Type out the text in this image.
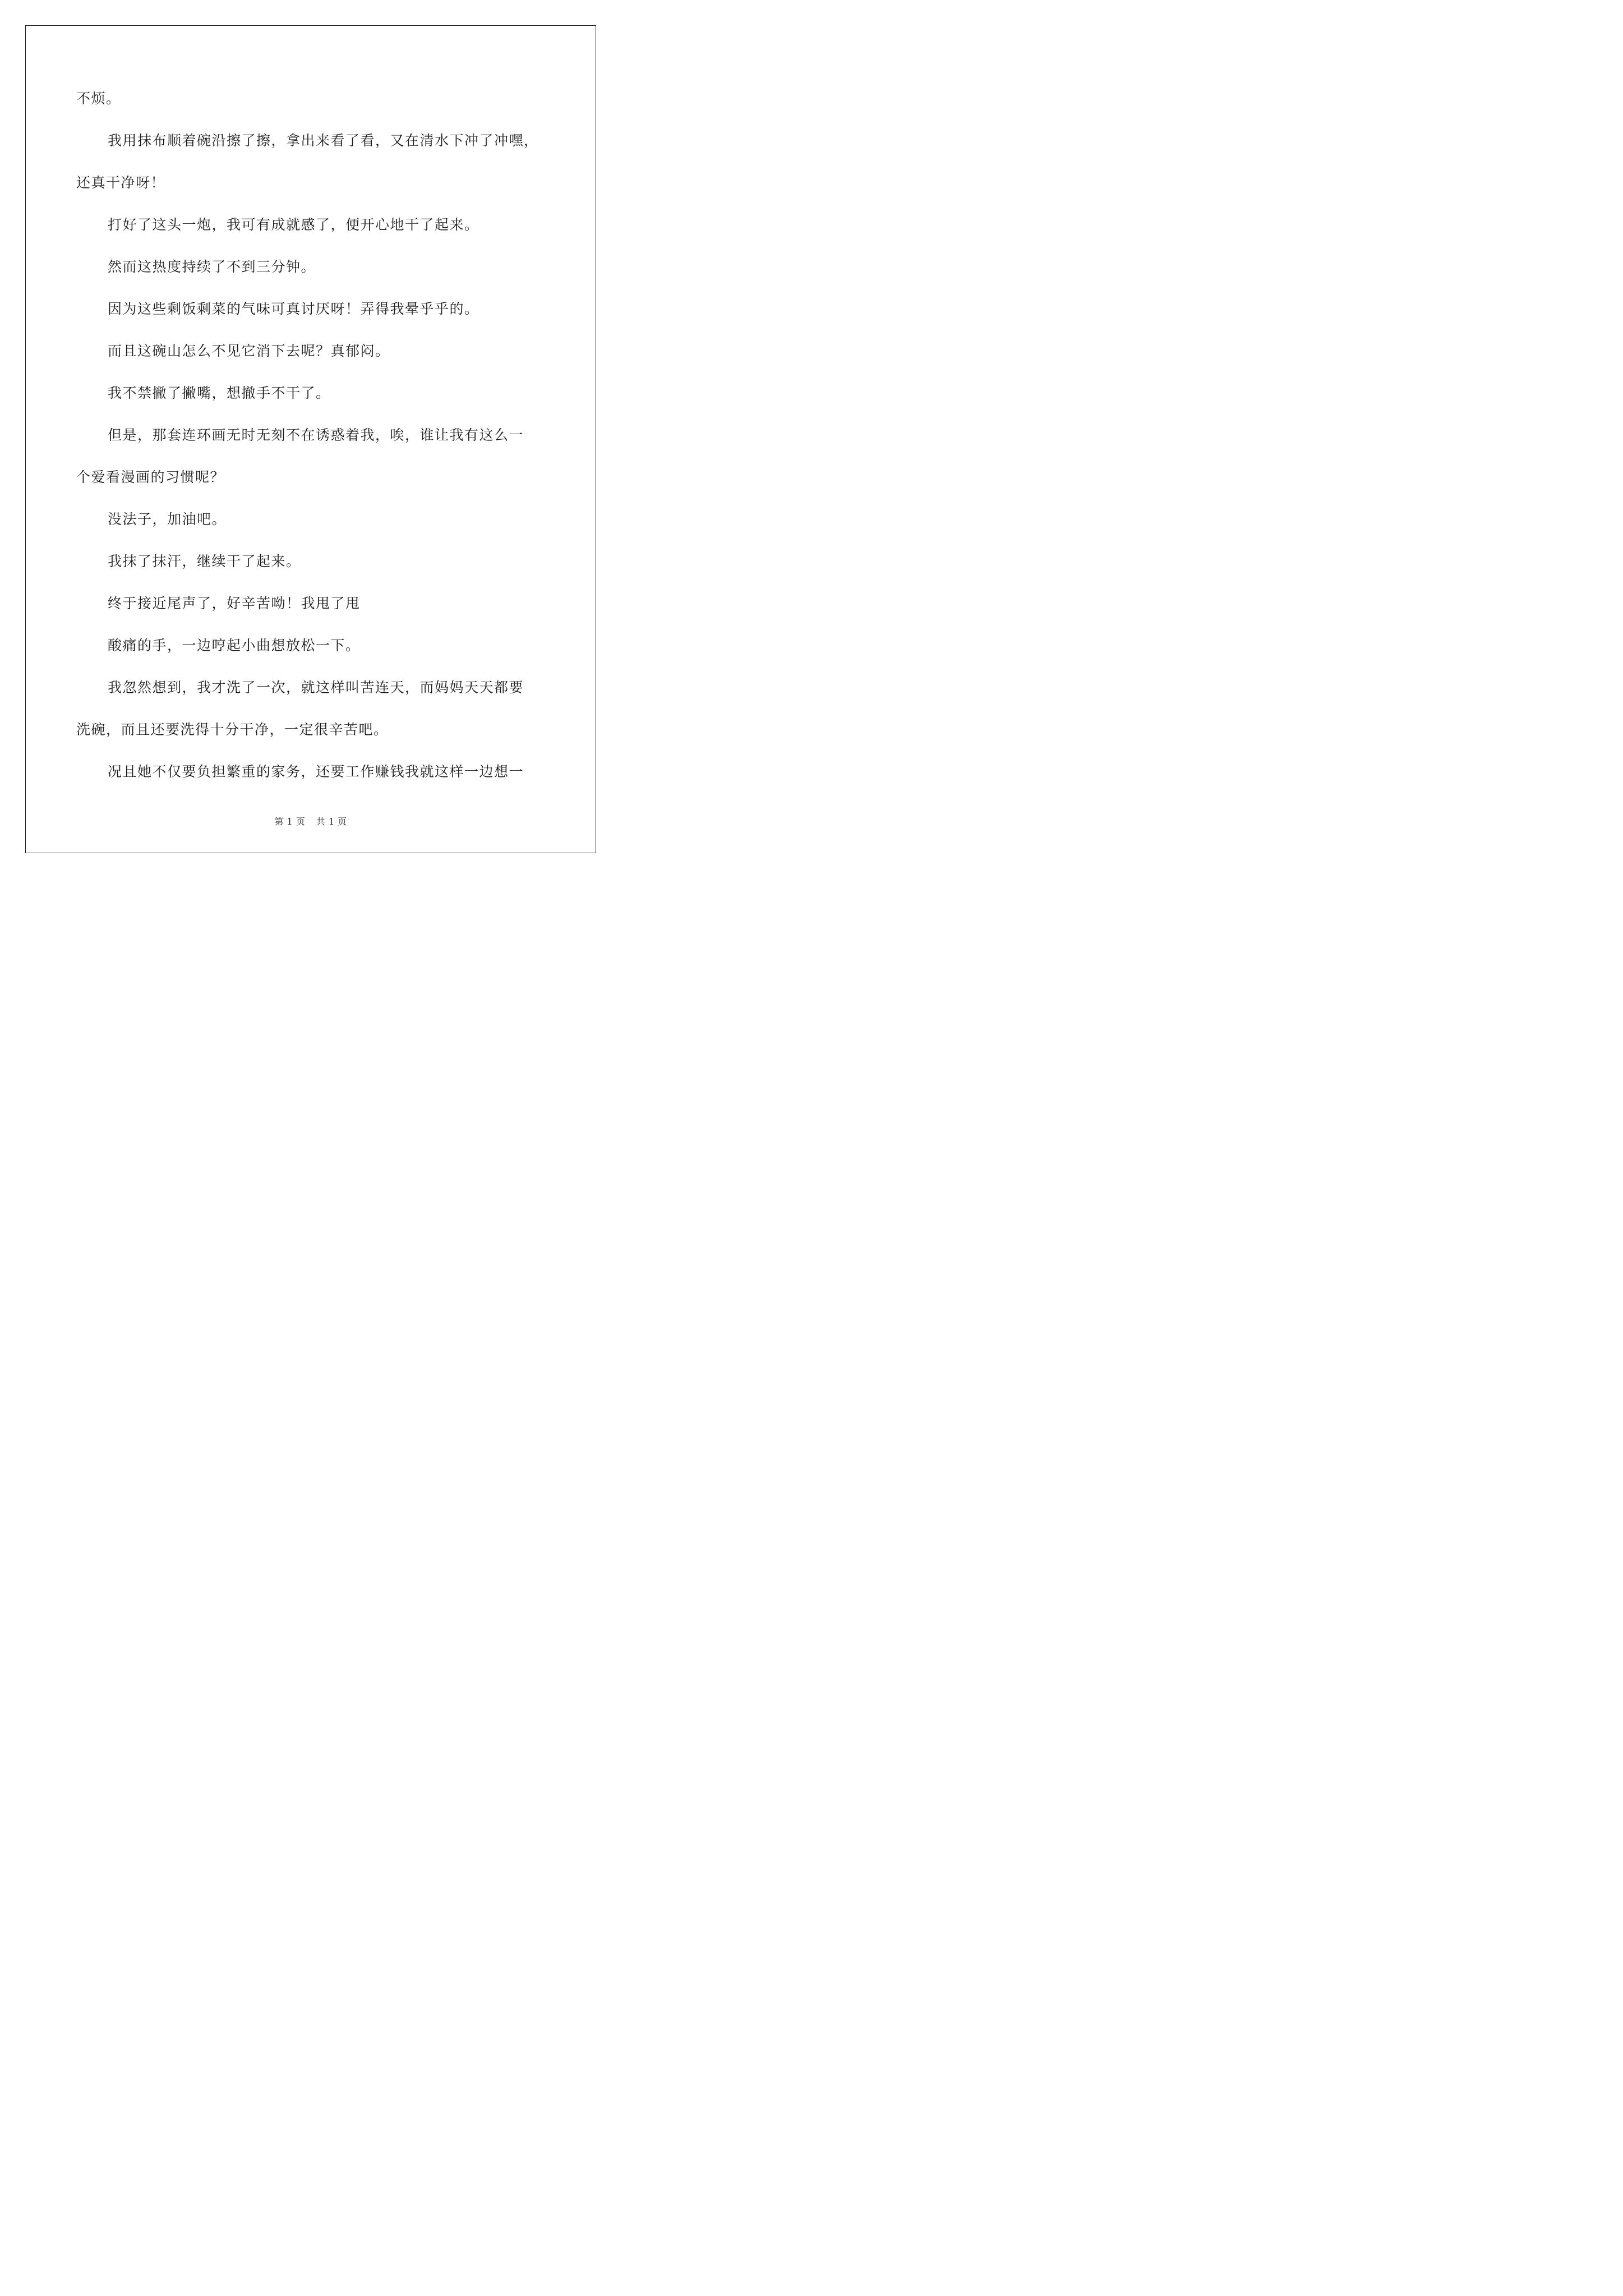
不烦。

我用抹布顺着碗沿擦了擦，拿出来看了看，又在清水下冲了冲嘿，

还真干净呀！

打好了这头一炮，我可有成就感了，便开心地干了起来。

然而这热度持续了不到三分钟。

因为这些剩饭剩菜的气味可真讨厌呀！弄得我晕乎乎的。

而且这碗山怎么不见它消下去呢？真郁闷。

我不禁撇了撇嘴，想撤手不干了。

但是，那套连环画无时无刻不在诱惑着我，唉，谁让我有这么一

个爱看漫画的习惯呢？

没法子，加油吧。

我抹了抹汗，继续干了起来。

终于接近尾声了，好辛苦呦！我甩了甩

酸痛的手，一边哼起小曲想放松一下。

我忽然想到，我才洗了一次，就这样叫苦连天，而妈妈天天都要

洗碗，而且还要洗得十分干净，一定很辛苦吧。

况且她不仅要负担繁重的家务，还要工作赚钱我就这样一边想一

第 1 页 共 1 页
